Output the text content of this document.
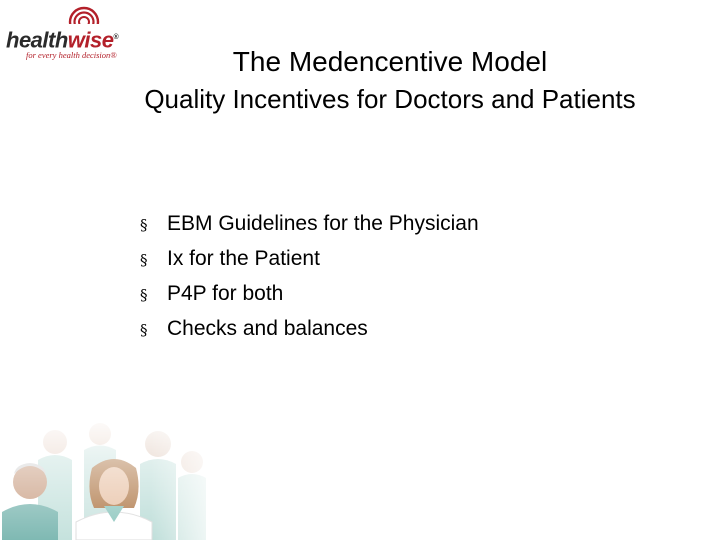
healthwise®
for every health decision®	The Medencentive Model
Quality Incentives for Doctors and Patients
§ EBM Guidelines for the Physician
§ Ix for the Patient
§ P4P for both
§ Checks and balances
